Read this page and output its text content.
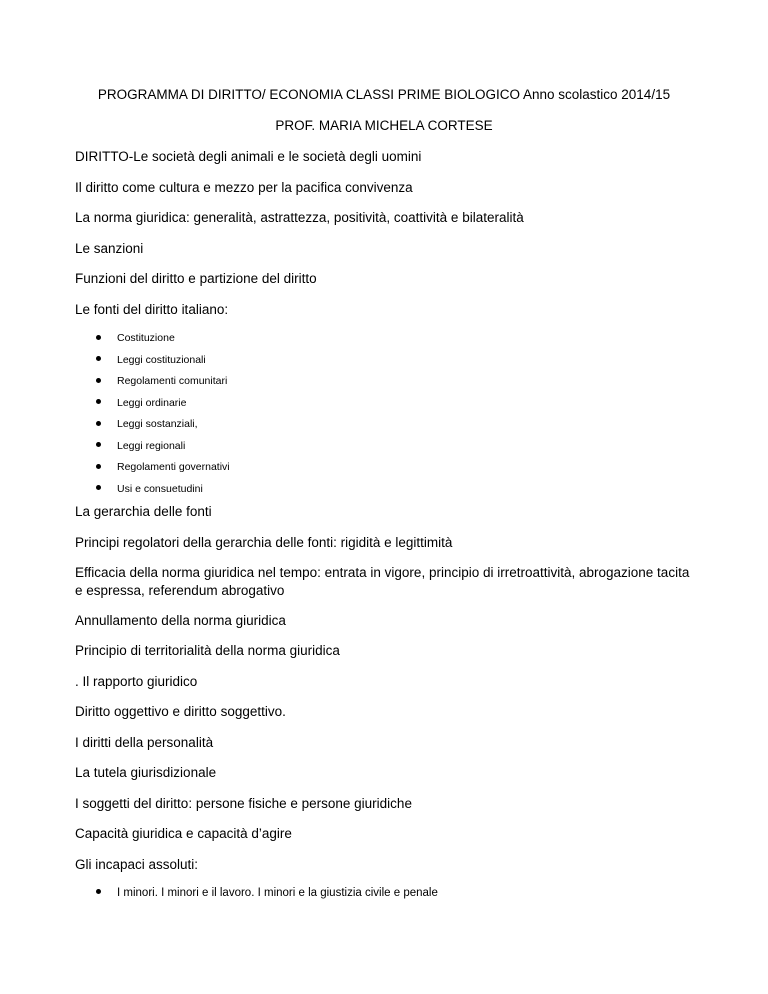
PROGRAMMA DI DIRITTO/ ECONOMIA CLASSI PRIME BIOLOGICO Anno scolastico 2014/15
PROF. MARIA MICHELA CORTESE
DIRITTO-Le società degli animali e le società degli uomini
Il diritto come cultura e mezzo per la pacifica convivenza
La norma giuridica: generalità, astrattezza, positività, coattività e bilateralità
Le sanzioni
Funzioni del diritto e partizione del diritto
Le fonti del diritto italiano:
Costituzione
Leggi costituzionali
Regolamenti comunitari
Leggi ordinarie
Leggi sostanziali,
Leggi regionali
Regolamenti governativi
Usi e consuetudini
La gerarchia delle fonti
Principi regolatori della gerarchia delle fonti: rigidità e legittimità
Efficacia della norma giuridica nel tempo: entrata in vigore, principio di irretroattività, abrogazione tacita e espressa, referendum abrogativo
Annullamento della norma giuridica
Principio di territorialità della norma giuridica
. Il rapporto giuridico
Diritto oggettivo e diritto soggettivo.
I diritti della personalità
La tutela giurisdizionale
I soggetti del diritto: persone fisiche e persone giuridiche
Capacità giuridica e capacità d’agire
Gli incapaci assoluti:
I minori. I minori e il lavoro. I minori e la giustizia civile e penale
